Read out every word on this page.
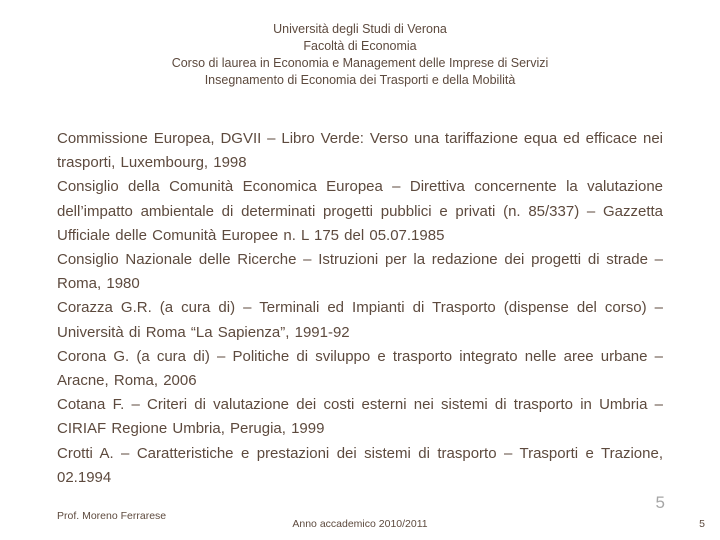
Università degli Studi di Verona
Facoltà di Economia
Corso di laurea in Economia e Management delle Imprese di Servizi
Insegnamento di Economia dei Trasporti e della Mobilità

Commissione Europea, DGVII – Libro Verde: Verso una tariffazione equa ed efficace nei trasporti, Luxembourg, 1998

Consiglio della Comunità Economica Europea – Direttiva concernente la valutazione dell’impatto ambientale di determinati progetti pubblici e privati (n. 85/337) – Gazzetta Ufficiale delle Comunità Europee n. L 175 del 05.07.1985

Consiglio Nazionale delle Ricerche – Istruzioni per la redazione dei progetti di strade – Roma, 1980

Corazza G.R. (a cura di) – Terminali ed Impianti di Trasporto (dispense del corso) – Università di Roma “La Sapienza”, 1991-92

Corona G. (a cura di) – Politiche di sviluppo e trasporto integrato nelle aree urbane – Aracne, Roma, 2006

Cotana F. – Criteri di valutazione dei costi esterni nei sistemi di trasporto in Umbria – CIRIAF Regione Umbria, Perugia, 1999

Crotti A. – Caratteristiche e prestazioni dei sistemi di trasporto – Trasporti e Trazione, 02.1994

Prof. Moreno Ferrarese
Anno accademico 2010/2011
5
5
